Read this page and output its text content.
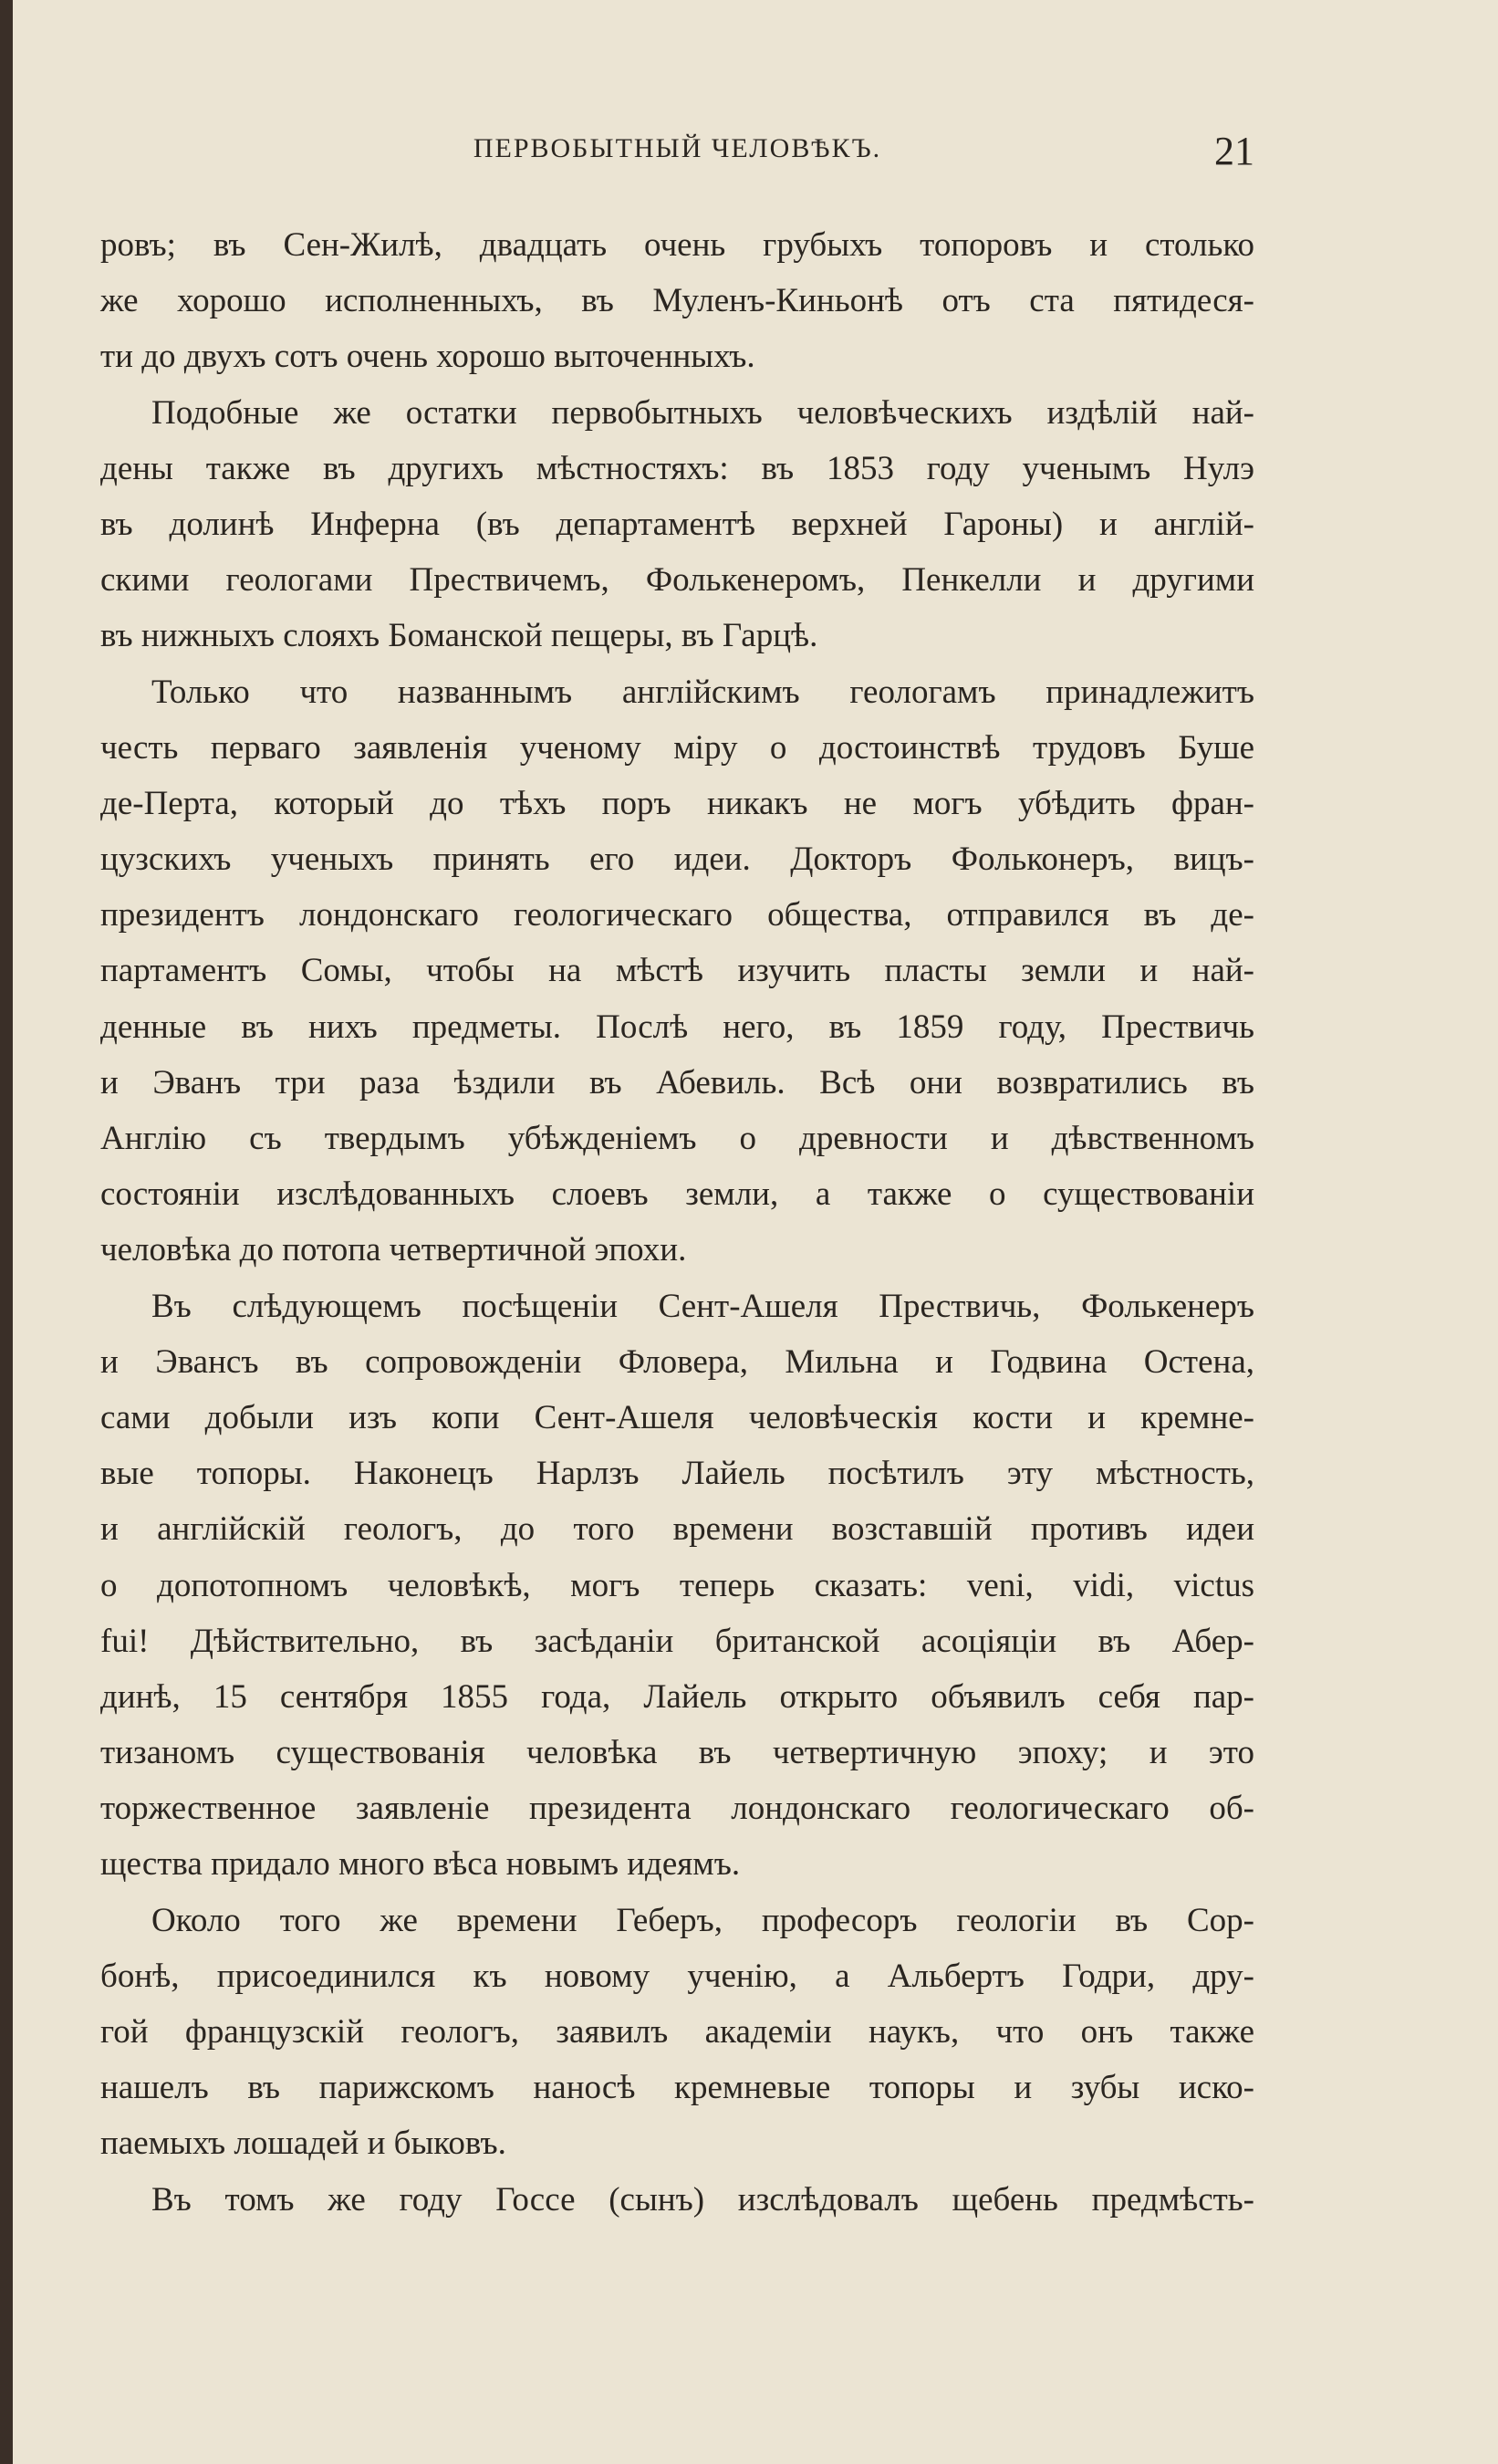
ПЕРВОБЫТНЫЙ ЧЕЛОВѢКЪ.	21
ровъ; въ Сен-Жилѣ, двадцать очень грубыхъ топоровъ и столько
же хорошо исполненныхъ, въ Муленъ-Киньонѣ отъ ста пятидеся-
ти до двухъ сотъ очень хорошо выточенныхъ.
Подобные же остатки первобытныхъ человѣческихъ издѣлій най-
дены также въ другихъ мѣстностяхъ: въ 1853 году ученымъ Нулэ
въ долинѣ Инферна (въ департаментѣ верхней Гароны) и англій-
скими геологами Прествичемъ, Фолькенеромъ, Пенкелли и другими
въ нижныхъ слояхъ Боманской пещеры, въ Гарцѣ.
Только что названнымъ англійскимъ геологамъ принадлежитъ
честь перваго заявленія ученому міру о достоинствѣ трудовъ Буше
де-Перта, который до тѣхъ поръ никакъ не могъ убѣдить фран-
цузскихъ ученыхъ принять его идеи. Докторъ Фольконеръ, вицъ-
президентъ лондонскаго геологическаго общества, отправился въ де-
партаментъ Сомы, чтобы на мѣстѣ изучить пласты земли и най-
денные въ нихъ предметы. Послѣ него, въ 1859 году, Прествичь
и Эванъ три раза ѣздили въ Абевиль. Всѣ они возвратились въ
Англію съ твердымъ убѣжденіемъ о древности и дѣвственномъ
состояніи изслѣдованныхъ слоевъ земли, а также о существованіи
человѣка до потопа четвертичной эпохи.
Въ слѣдующемъ посѣщеніи Сент-Ашеля Прествичь, Фолькенеръ
и Эвансъ въ сопровожденіи Фловера, Мильна и Годвина Остена,
сами добыли изъ копи Сент-Ашеля человѣческія кости и кремне-
вые топоры. Наконецъ Нарлзъ Лайель посѣтилъ эту мѣстность,
и англійскій геологъ, до того времени возставшій противъ идеи
о допотопномъ человѣкѣ, могъ теперь сказать: veni, vidi, victus
fui! Дѣйствительно, въ засѣданіи британской асоціяціи въ Абер-
динѣ, 15 сентября 1855 года, Лайель открыто объявилъ себя пар-
тизаномъ существованія человѣка въ четвертичную эпоху; и это
торжественное заявленіе президента лондонскаго геологическаго об-
щества придало много вѣса новымъ идеямъ.
Около того же времени Геберъ, професоръ геологіи въ Сор-
бонѣ, присоединился къ новому ученію, а Альбертъ Годри, дру-
гой французскій геологъ, заявилъ академіи наукъ, что онъ также
нашелъ въ парижскомъ наносѣ кремневые топоры и зубы иско-
паемыхъ лошадей и быковъ.
Въ томъ же году Госсе (сынъ) изслѣдовалъ щебень предмѣсть-
